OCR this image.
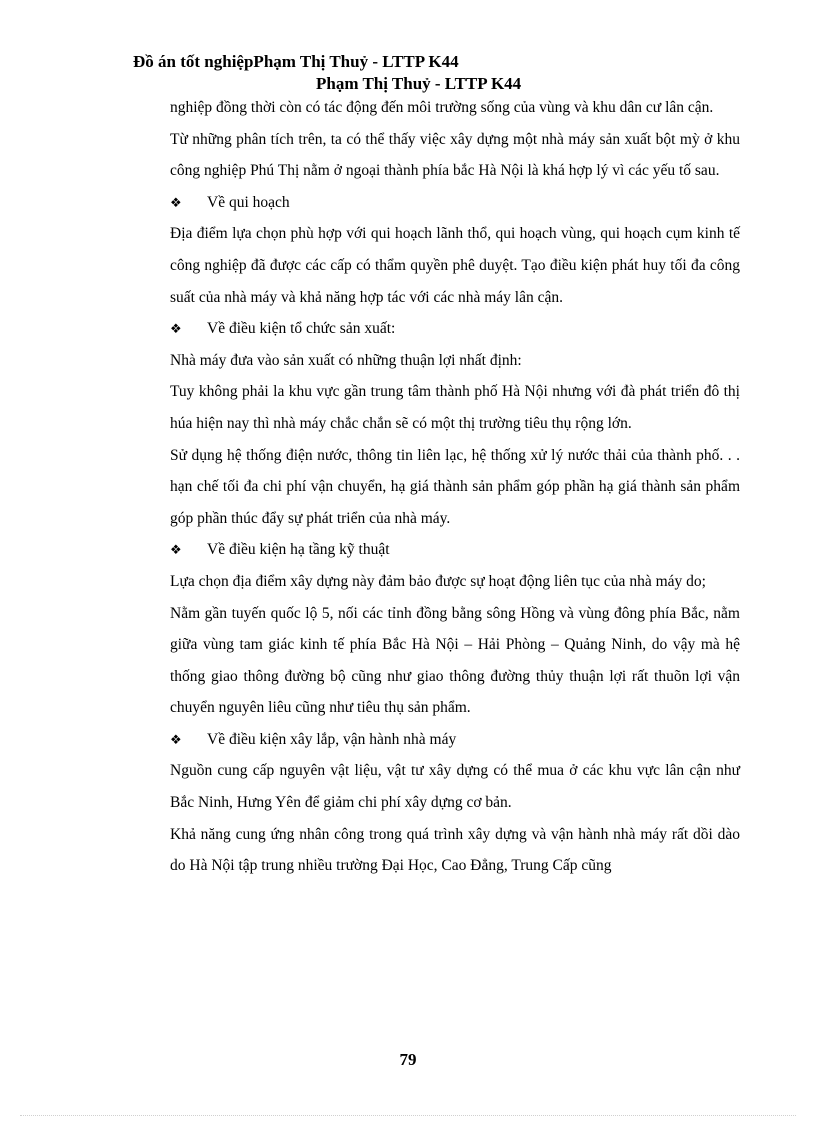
Đồ án tốt nghiệpPhạm Thị Thuỷ - LTTP K44
Phạm Thị Thuỷ - LTTP K44

nghiệp đồng thời còn có tác động đến môi trường sống của vùng và khu dân cư lân cận.

Từ những phân tích trên, ta có thể thấy việc xây dựng một nhà máy sản xuất bột mỳ ở khu công nghiệp Phú Thị nằm ở ngoại thành phía bắc Hà Nội là khá hợp lý vì các yếu tố sau.

❖	Về qui hoạch

Địa điểm lựa chọn phù hợp với qui hoạch lãnh thổ, qui hoạch vùng, qui hoạch cụm kinh tế công nghiệp đã được các cấp có thẩm quyền phê duyệt. Tạo điều kiện phát huy tối đa công suất của nhà máy và khả năng hợp tác với các nhà máy lân cận.

❖	Về điều kiện tổ chức sản xuất:

Nhà máy đưa vào sản xuất có những thuận lợi nhất định:

Tuy không phải la khu vực gần trung tâm thành phố Hà Nội nhưng với đà phát triển đô thị húa hiện nay thì nhà máy chắc chắn sẽ có một thị trường tiêu thụ rộng lớn.

Sử dụng hệ thống điện nước, thông tin liên lạc, hệ thống xử lý nước thải của thành phố. . . hạn chế tối đa chi phí vận chuyển, hạ giá thành sản phẩm góp phần hạ giá thành sản phẩm góp phần thúc đẩy sự phát triển của nhà máy.

❖	Về điều kiện hạ tầng kỹ thuật

Lựa chọn địa điểm xây dựng này đảm bảo được sự hoạt động liên tục của nhà máy do;

Nằm gần tuyến quốc lộ 5, nối các tỉnh đồng bằng sông Hồng và vùng đông phía Bắc, nằm giữa vùng tam giác kinh tế phía Bắc Hà Nội – Hải Phòng – Quảng Ninh, do vậy mà hệ thống giao thông đường bộ cũng như giao thông đường thủy thuận lợi rất thuõn lợi vận chuyển nguyên liêu cũng như tiêu thụ sản phẩm.

❖	Về điều kiện xây lắp, vận hành nhà máy

Nguồn cung cấp nguyên vật liệu, vật tư xây dựng có thể mua ở các khu vực lân cận như Bắc Ninh, Hưng Yên để giảm chi phí xây dựng cơ bản.

Khả năng cung ứng nhân công trong quá trình xây dựng và vận hành nhà máy rất dồi dào do Hà Nội tập trung nhiều trường Đại Học, Cao Đẳng, Trung Cấp cũng

79
